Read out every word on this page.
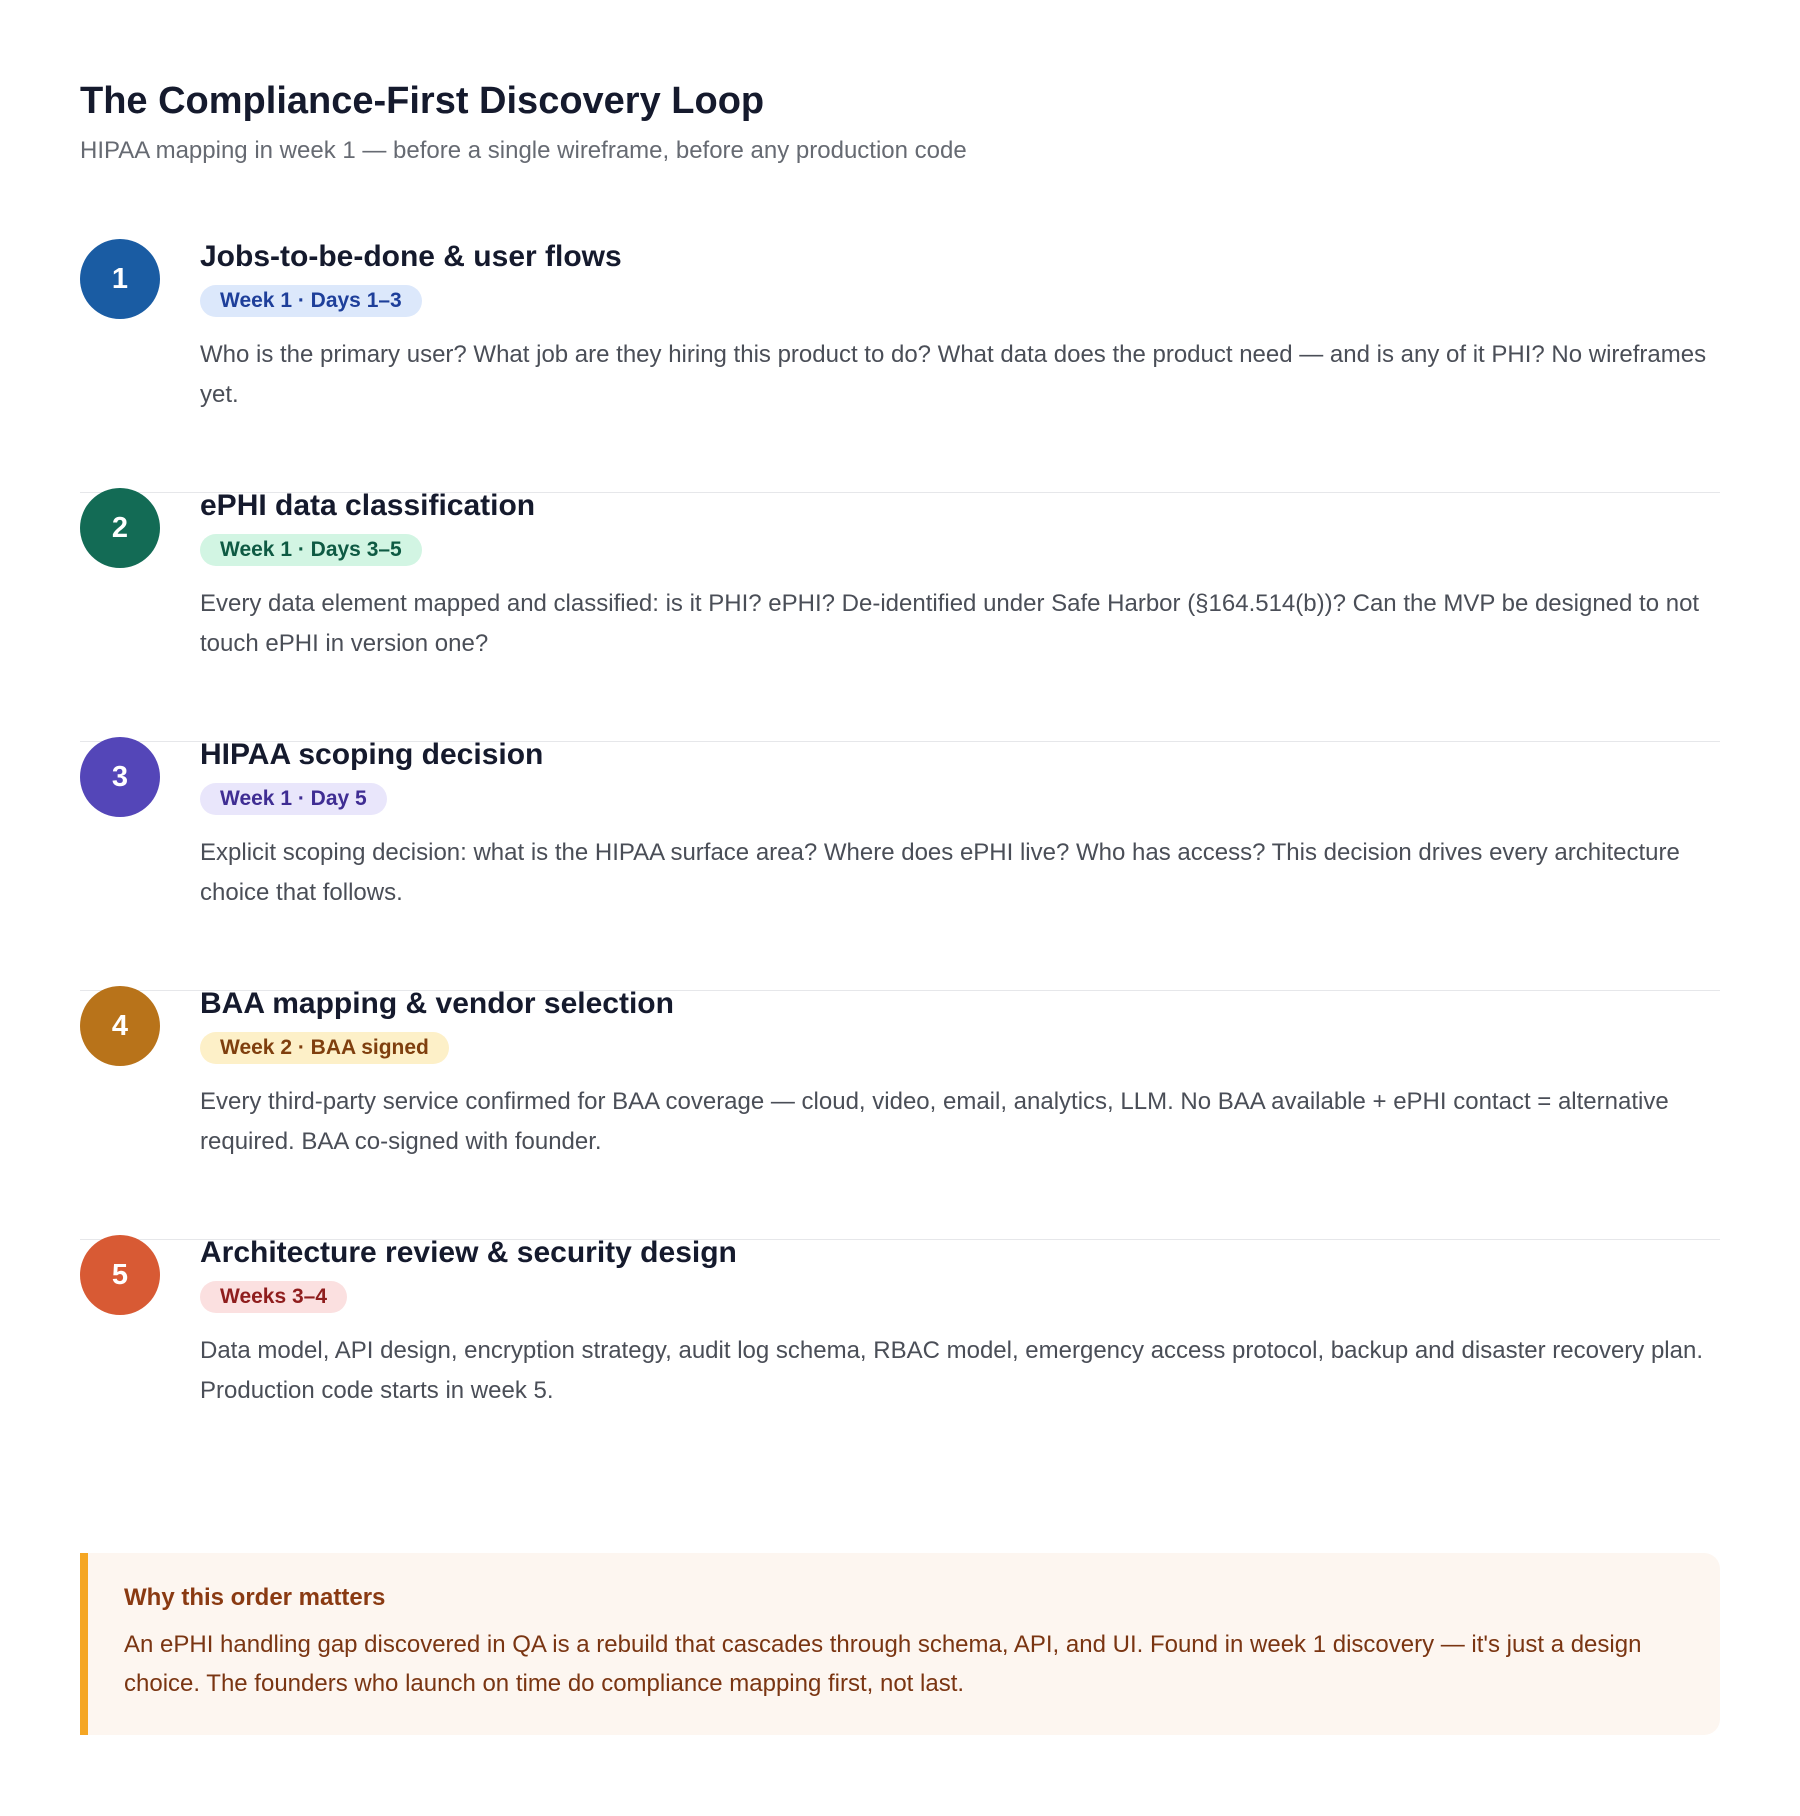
The Compliance-First Discovery Loop

HIPAA mapping in week 1 — before a single wireframe, before any production code

1
Jobs-to-be-done & user flows
Week 1 · Days 1–3

Who is the primary user? What job are they hiring this product to do? What data does the product need — and is any of it PHI? No wireframes yet.

2
ePHI data classification
Week 1 · Days 3–5

Every data element mapped and classified: is it PHI? ePHI? De-identified under Safe Harbor (§164.514(b))? Can the MVP be designed to not touch ePHI in version one?

3
HIPAA scoping decision
Week 1 · Day 5

Explicit scoping decision: what is the HIPAA surface area? Where does ePHI live? Who has access? This decision drives every architecture choice that follows.

4
BAA mapping & vendor selection
Week 2 · BAA signed

Every third-party service confirmed for BAA coverage — cloud, video, email, analytics, LLM. No BAA available + ePHI contact = alternative required. BAA co-signed with founder.

5
Architecture review & security design
Weeks 3–4

Data model, API design, encryption strategy, audit log schema, RBAC model, emergency access protocol, backup and disaster recovery plan. Production code starts in week 5.

Why this order matters

An ePHI handling gap discovered in QA is a rebuild that cascades through schema, API, and UI. Found in week 1 discovery — it's just a design choice. The founders who launch on time do compliance mapping first, not last.
